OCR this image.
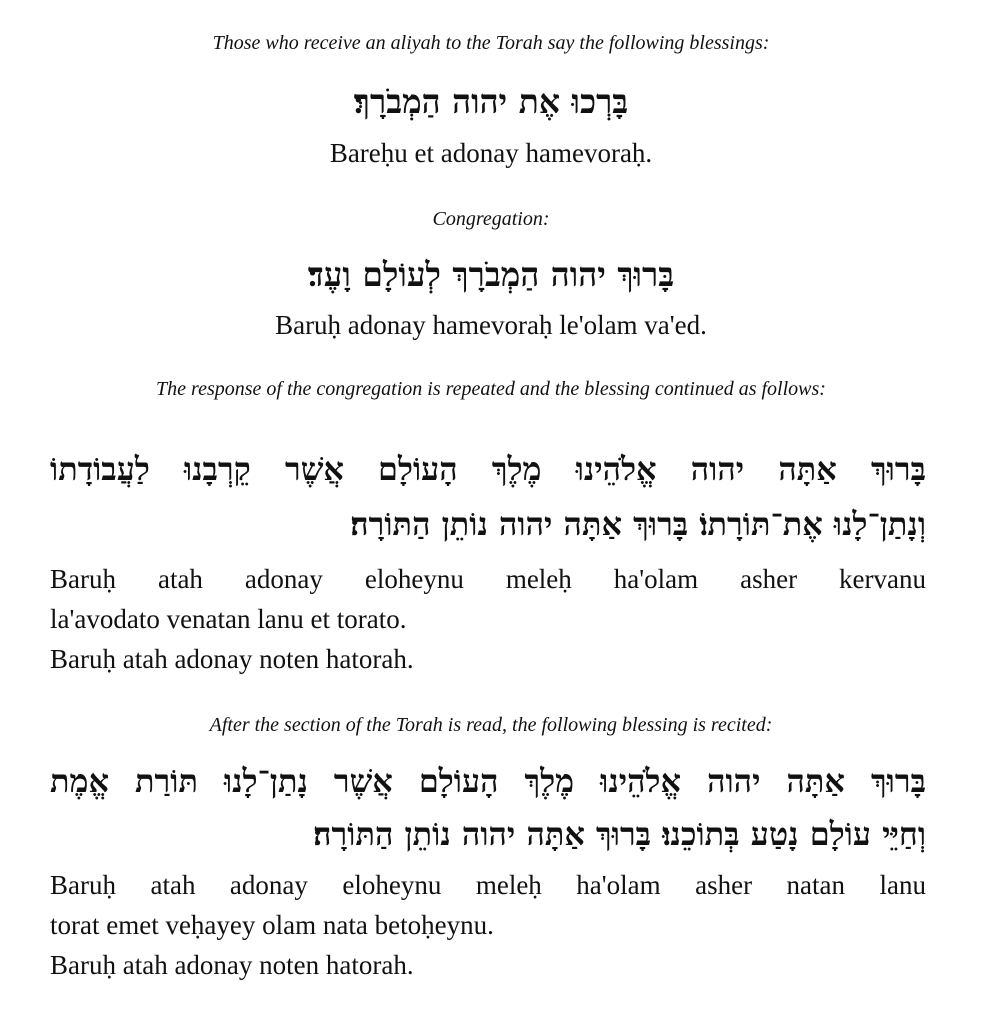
Those who receive an aliyah to the Torah say the following blessings:
בָּרְכוּ אֶת יהוה הַמְבֹרָךְ׃
Bareḥu et adonay hamevoraḥ.
Congregation:
בָּרוּךְ יהוה הַמְבֹרָךְ לְעוֹלָם וָעֶד׃
Baruḥ adonay hamevoraḥ le'olam va'ed.
The response of the congregation is repeated and the blessing continued as follows:
בָּרוּךְ אַתָּה יהוה אֱלֹהֵינוּ מֶלֶךְ הָעוֹלָם אֲשֶׁר קֵרְבָנוּ לַעֲבוֹדָתוֹ
וְנָתַן־לָנוּ אֶת־תּוֹרָתוֹ׃ בָּרוּךְ אַתָּה יהוה נוֹתֵן הַתּוֹרָה׃
Baruḥ atah adonay eloheynu meleḥ ha'olam asher kervanu
la'avodato venatan lanu et torato.
Baruḥ atah adonay noten hatorah.
After the section of the Torah is read, the following blessing is recited:
בָּרוּךְ אַתָּה יהוה אֱלֹהֵינוּ מֶלֶךְ הָעוֹלָם אֲשֶׁר נָתַן־לָנוּ תּוֹרַת אֱמֶת
וְחַיֵּי עוֹלָם נָטַע בְּתוֹכֵנוּ׃ בָּרוּךְ אַתָּה יהוה נוֹתֵן הַתּוֹרָה׃
Baruḥ atah adonay eloheynu meleḥ ha'olam asher natan lanu
torat emet veḥayey olam nata betoḥeynu.
Baruḥ atah adonay noten hatorah.
